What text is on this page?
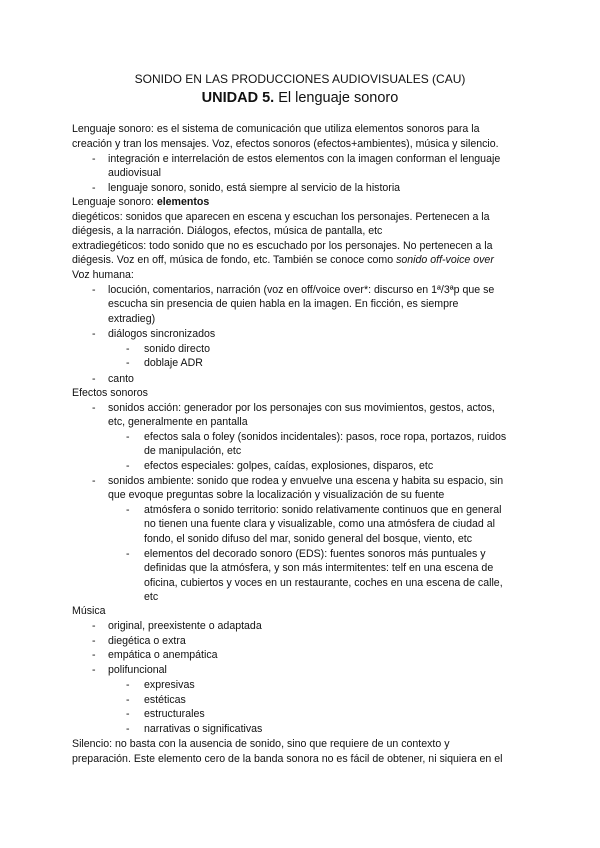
SONIDO EN LAS PRODUCCIONES AUDIOVISUALES (CAU)
UNIDAD 5. El lenguaje sonoro
Lenguaje sonoro: es el sistema de comunicación que utiliza elementos sonoros para la
creación y tran los mensajes. Voz, efectos sonoros (efectos+ambientes), música y silencio.
-	integración e interrelación de estos elementos con la imagen conforman el lenguaje
audiovisual
-	lenguaje sonoro, sonido, está siempre al servicio de la historia
Lenguaje sonoro: elementos
diegéticos: sonidos que aparecen en escena y escuchan los personajes. Pertenecen a la
diégesis, a la narración. Diálogos, efectos, música de pantalla, etc
extradiegéticos: todo sonido que no es escuchado por los personajes. No pertenecen a la
diégesis. Voz en off, música de fondo, etc. También se conoce como sonido off-voice over
Voz humana:
-	locución, comentarios, narración (voz en off/voice over*: discurso en 1ª/3ªp que se
escucha sin presencia de quien habla en la imagen. En ficción, es siempre
extradieg)
-	diálogos sincronizados
-	sonido directo
-	doblaje ADR
-	canto
Efectos sonoros
-	sonidos acción: generador por los personajes con sus movimientos, gestos, actos,
etc, generalmente en pantalla
-	efectos sala o foley (sonidos incidentales): pasos, roce ropa, portazos, ruidos
de manipulación, etc
-	efectos especiales: golpes, caídas, explosiones, disparos, etc
-	sonidos ambiente: sonido que rodea y envuelve una escena y habita su espacio, sin
que evoque preguntas sobre la localización y visualización de su fuente
-	atmósfera o sonido territorio: sonido relativamente continuos que en general
no tienen una fuente clara y visualizable, como una atmósfera de ciudad al
fondo, el sonido difuso del mar, sonido general del bosque, viento, etc
-	elementos del decorado sonoro (EDS): fuentes sonoros más puntuales y
definidas que la atmósfera, y son más intermitentes: telf en una escena de
oficina, cubiertos y voces en un restaurante, coches en una escena de calle,
etc
Música
-	original, preexistente o adaptada
-	diegética o extra
-	empática o anempática
-	polifuncional
-	expresivas
-	estéticas
-	estructurales
-	narrativas o significativas
Silencio: no basta con la ausencia de sonido, sino que requiere de un contexto y
preparación. Este elemento cero de la banda sonora no es fácil de obtener, ni siquiera en el
